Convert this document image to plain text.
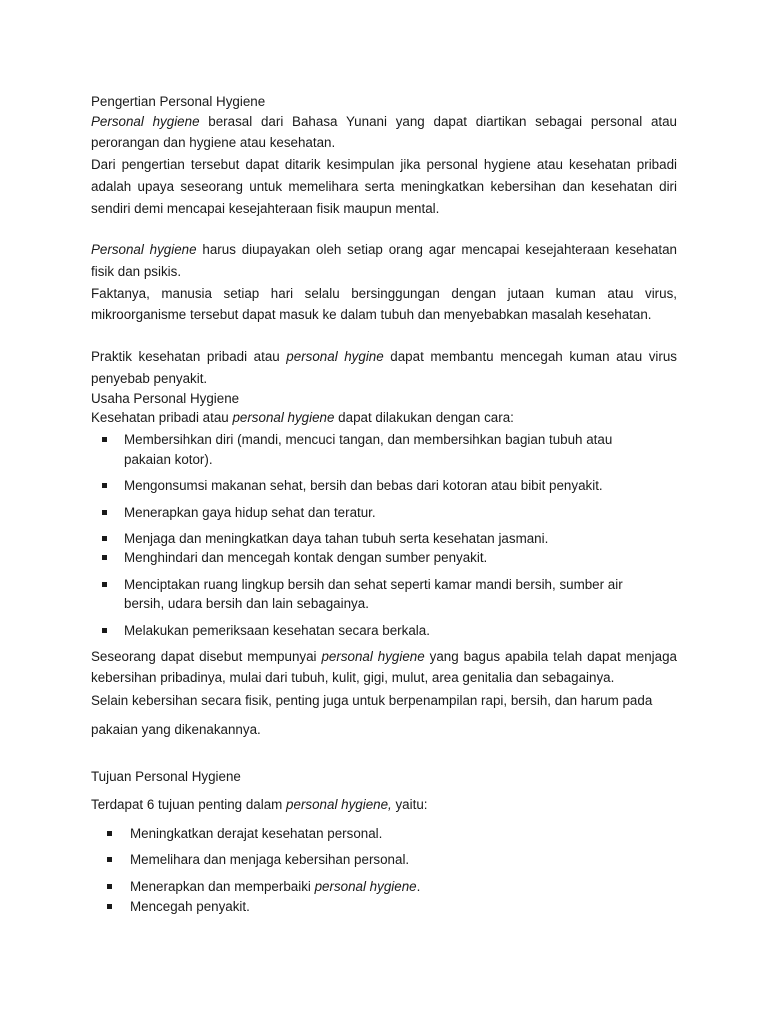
Pengertian Personal Hygiene

Personal hygiene berasal dari Bahasa Yunani yang dapat diartikan sebagai personal atau

perorangan dan hygiene atau kesehatan.

Dari pengertian tersebut dapat ditarik kesimpulan jika personal hygiene atau kesehatan pribadi

adalah upaya seseorang untuk memelihara serta meningkatkan kebersihan dan kesehatan diri

sendiri demi mencapai kesejahteraan fisik maupun mental.

Personal hygiene harus diupayakan oleh setiap orang agar mencapai kesejahteraan kesehatan

fisik dan psikis.

Faktanya, manusia setiap hari selalu bersinggungan dengan jutaan kuman atau virus,

mikroorganisme tersebut dapat masuk ke dalam tubuh dan menyebabkan masalah kesehatan.

Praktik kesehatan pribadi atau personal hygine dapat membantu mencegah kuman atau virus

penyebab penyakit.

Usaha Personal Hygiene

Kesehatan pribadi atau personal hygiene dapat dilakukan dengan cara:

Membersihkan diri (mandi, mencuci tangan, dan membersihkan bagian tubuh atau

pakaian kotor).

Mengonsumsi makanan sehat, bersih dan bebas dari kotoran atau bibit penyakit.

Menerapkan gaya hidup sehat dan teratur.

Menjaga dan meningkatkan daya tahan tubuh serta kesehatan jasmani.

Menghindari dan mencegah kontak dengan sumber penyakit.

Menciptakan ruang lingkup bersih dan sehat seperti kamar mandi bersih, sumber air

bersih, udara bersih dan lain sebagainya.

Melakukan pemeriksaan kesehatan secara berkala.

Seseorang dapat disebut mempunyai personal hygiene yang bagus apabila telah dapat menjaga

kebersihan pribadinya, mulai dari tubuh, kulit, gigi, mulut, area genitalia dan sebagainya.

Selain kebersihan secara fisik, penting juga untuk berpenampilan rapi, bersih, dan harum pada

pakaian yang dikenakannya.

Tujuan Personal Hygiene

Terdapat 6 tujuan penting dalam personal hygiene, yaitu:

Meningkatkan derajat kesehatan personal.

Memelihara dan menjaga kebersihan personal.

Menerapkan dan memperbaiki personal hygiene.

Mencegah penyakit.
